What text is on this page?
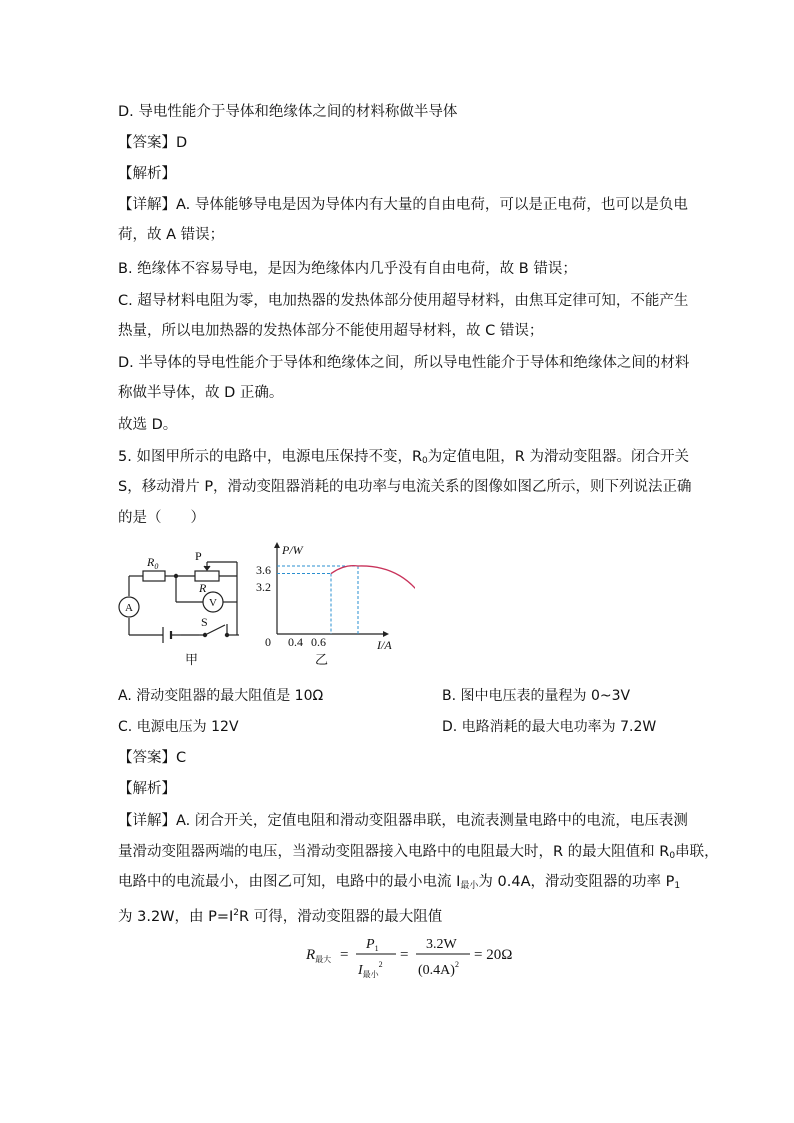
D. 导电性能介于导体和绝缘体之间的材料称做半导体
【答案】D
【解析】
【详解】A. 导体能够导电是因为导体内有大量的自由电荷，可以是正电荷，也可以是负电
荷，故 A 错误；
B. 绝缘体不容易导电，是因为绝缘体内几乎没有自由电荷，故 B 错误；
C. 超导材料电阻为零，电加热器的发热体部分使用超导材料，由焦耳定律可知，不能产生
热量，所以电加热器的发热体部分不能使用超导材料，故 C 错误；
D. 半导体的导电性能介于导体和绝缘体之间，所以导电性能介于导体和绝缘体之间的材料
称做半导体，故 D 正确。
故选 D。
5. 如图甲所示的电路中，电源电压保持不变，$R_0$为定值电阻，R 为滑动变阻器。闭合开关
S，移动滑片 P，滑动变阻器消耗的电功率与电流关系的图像如图乙所示，则下列说法正确
的是（　　）
$R_0$
P
R
A	V
S
甲
P/W
I/A
0
3.6
3.2
0.4 0.6
乙
A. 滑动变阻器的最大阻值是 10Ω	B. 图中电压表的量程为 0~3V
C. 电源电压为 12V	D. 电路消耗的最大电功率为 7.2W
【答案】C
【解析】
【详解】A. 闭合开关，定值电阻和滑动变阻器串联，电流表测量电路中的电流，电压表测
量滑动变阻器两端的电压，当滑动变阻器接入电路中的电阻最大时，R 的最大阻值和 $R_0$串联，
电路中的电流最小，由图乙可知，电路中的最小电流 $I_{最小}$为 0.4A，滑动变阻器的功率 $P_1$
为 3.2W，由 $P=I^2R$ 可得，滑动变阻器的最大阻值
$R_{最大}$ =
$P_1$
$I_{最小}^2$
=
3.2W
$(0.4A)^2$
= 20Ω
